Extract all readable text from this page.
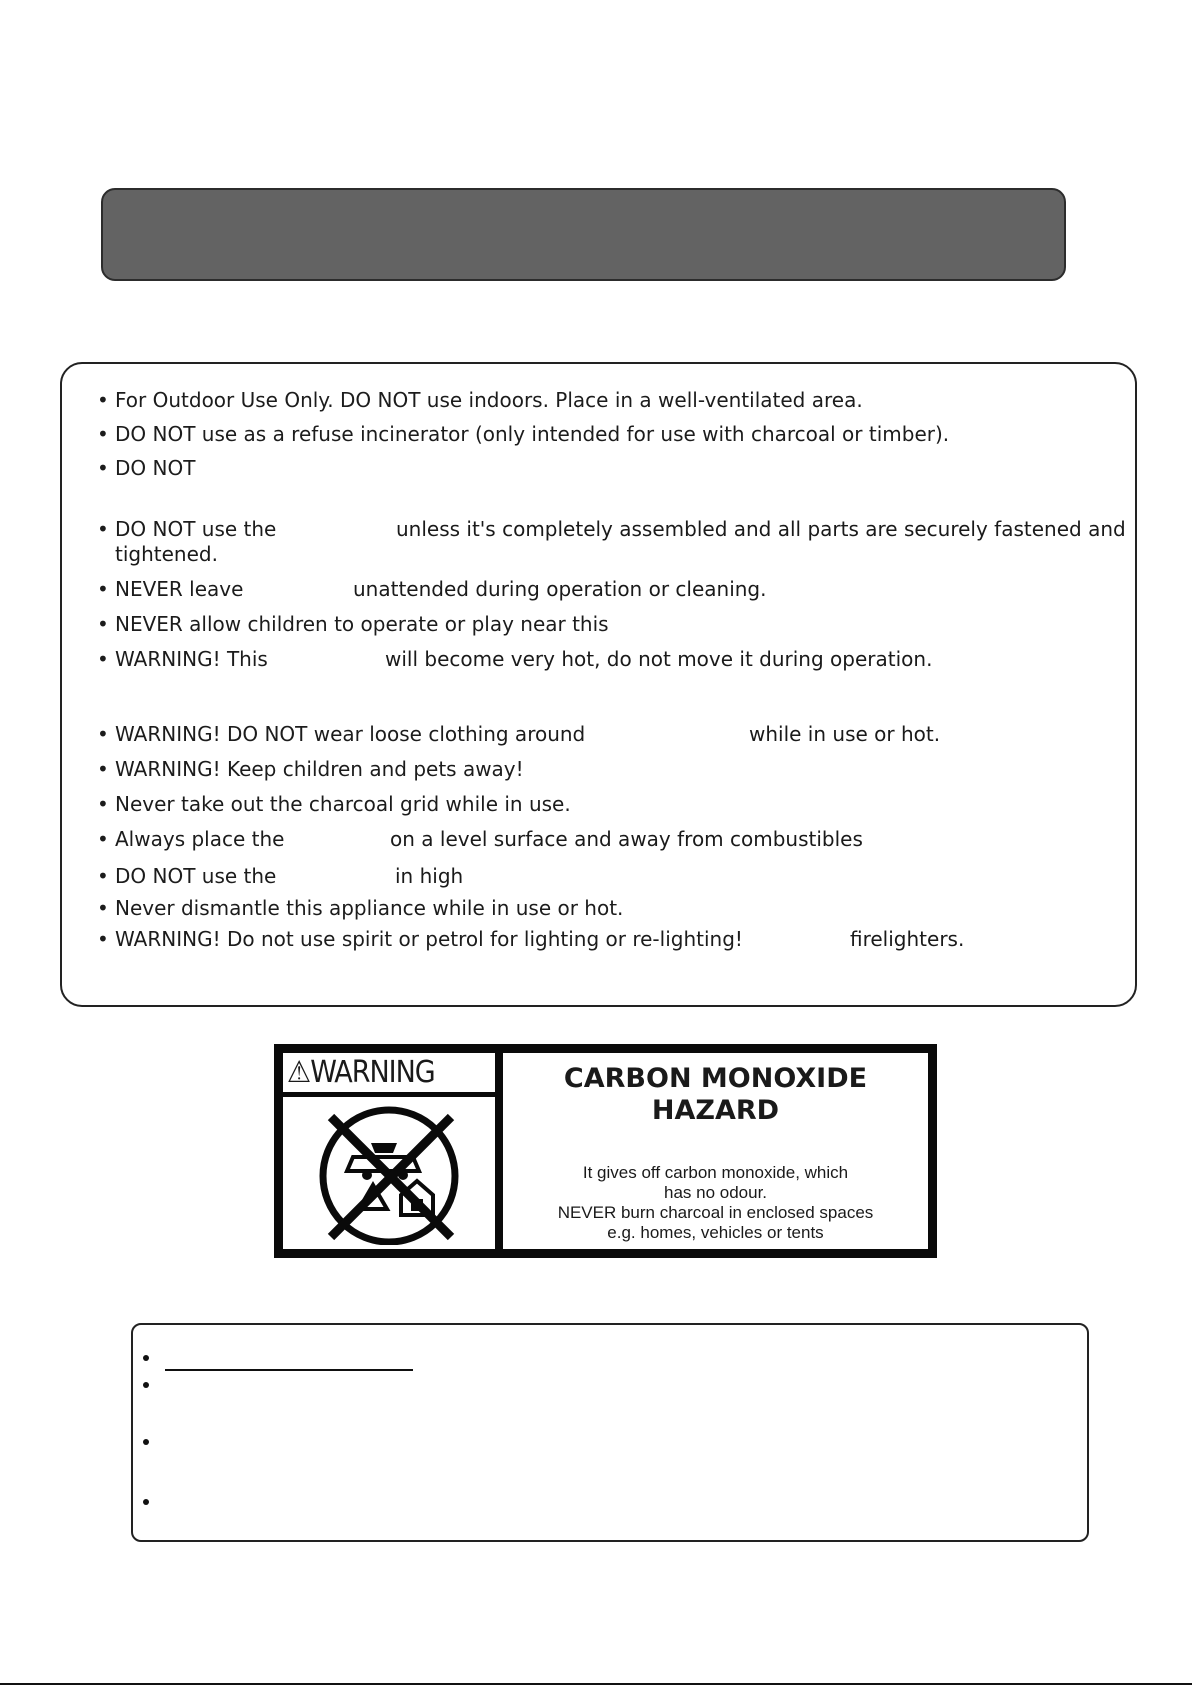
• For Outdoor Use Only. DO NOT use indoors. Place in a well-ventilated area.
• DO NOT use as a refuse incinerator (only intended for use with charcoal or timber).
• DO NOT
• DO NOT use the	unless it's completely assembled and all parts are securely fastened and
tightened.
• NEVER leave	unattended during operation or cleaning.
• NEVER allow children to operate or play near this
• WARNING! This	will become very hot, do not move it during operation.
• WARNING! DO NOT wear loose clothing around	while in use or hot.
• WARNING! Keep children and pets away!
• Never take out the charcoal grid while in use.
• Always place the	on a level surface and away from combustibles
• DO NOT use the	in high
• Never dismantle this appliance while in use or hot.
• WARNING! Do not use spirit or petrol for lighting or re-lighting!	firelighters.
⚠WARNING	CARBON MONOXIDE
HAZARD
It gives off carbon monoxide, which
has no odour.
NEVER burn charcoal in enclosed spaces
e.g. homes, vehicles or tents
